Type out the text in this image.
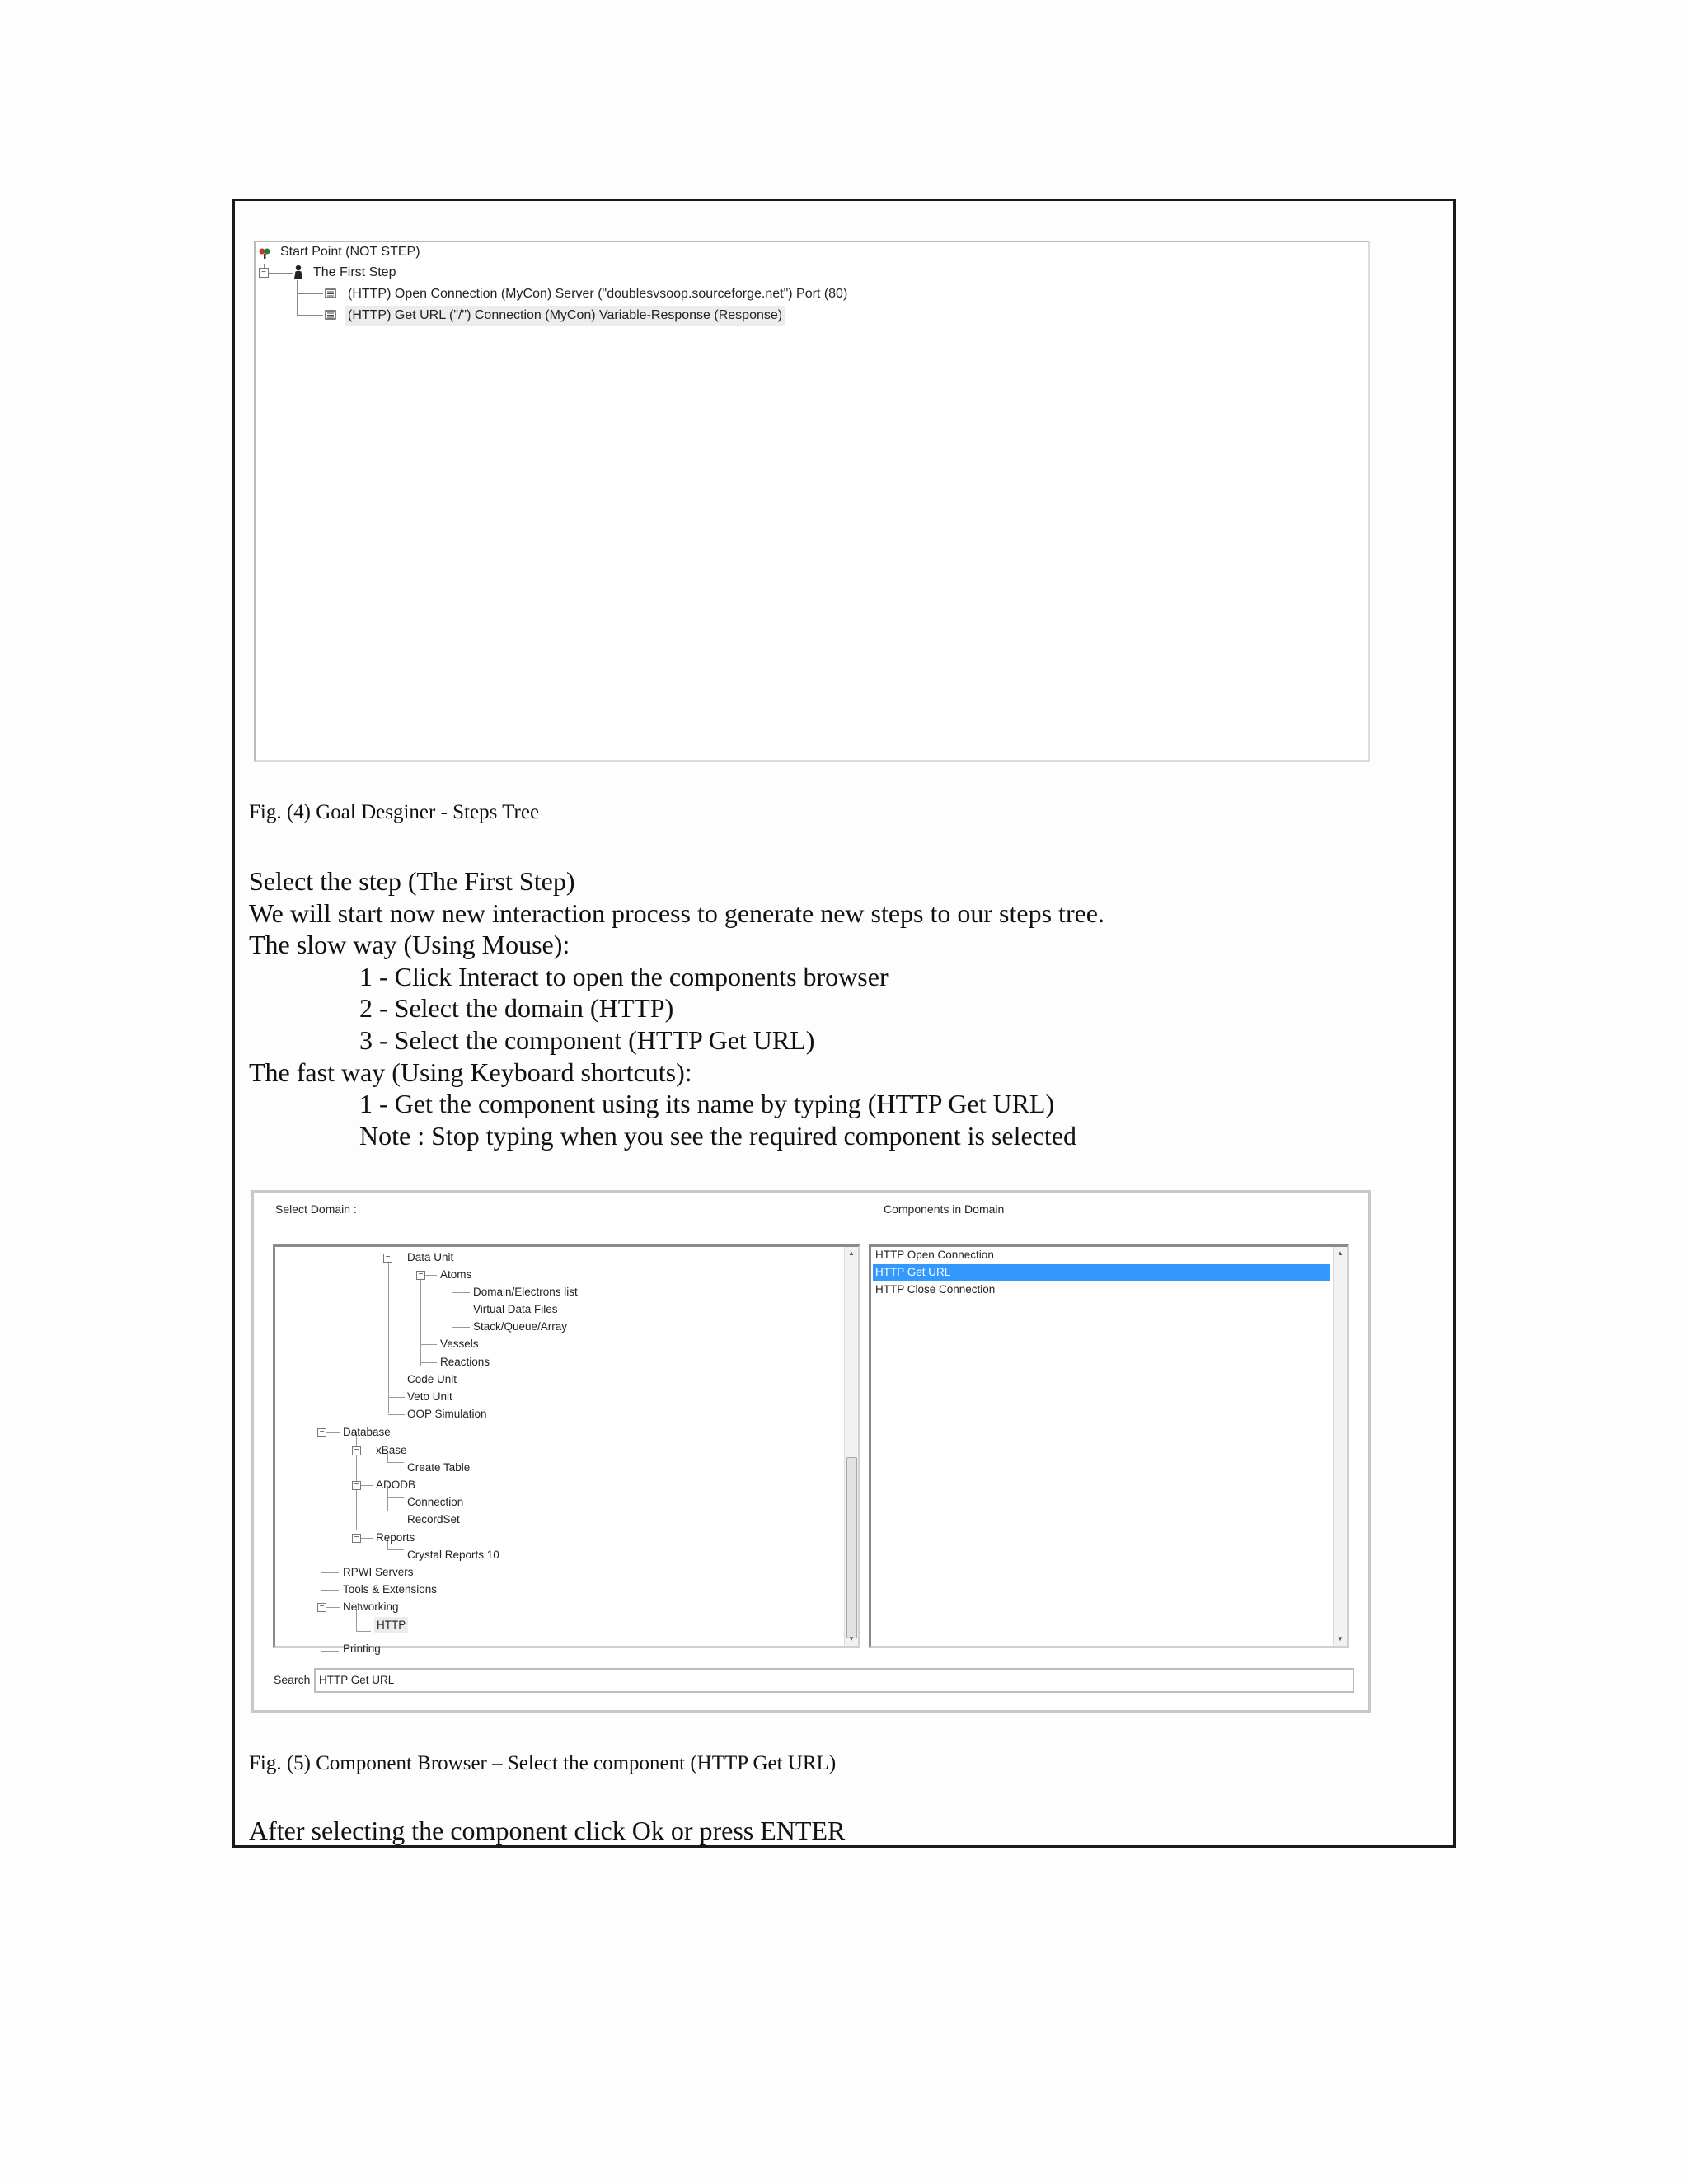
Start Point (NOT STEP)
−	The First Step
(HTTP) Open Connection (MyCon) Server ("doublesvsoop.sourceforge.net") Port (80)
(HTTP) Get URL ("/") Connection (MyCon) Variable-Response (Response)
Fig. (4) Goal Desginer - Steps Tree
Select the step (The First Step)
We will start now new interaction process to generate new steps to our steps tree.
The slow way (Using Mouse):
1 - Click Interact to open the components browser
2 - Select the domain (HTTP)
3 - Select the component (HTTP Get URL)
The fast way (Using Keyboard shortcuts):
1 - Get the component using its name by typing (HTTP Get URL)
Note : Stop typing when you see the required component is selected
Select Domain :	Components in Domain
− Data Unit
− Atoms
Domain/Electrons list
Virtual Data Files
Stack/Queue/Array
Vessels
Reactions
Code Unit
Veto Unit
OOP Simulation
− Database
− xBase
Create Table
− ADODB
Connection
RecordSet
− Reports
Crystal Reports 10
RPWI Servers
Tools & Extensions
− Networking
HTTP
Printing
▲
▼
HTTP Open Connection
HTTP Get URL
HTTP Close Connection
▲
▼
Search HTTP Get URL
Fig. (5) Component Browser – Select the component (HTTP Get URL)
After selecting the component click Ok or press ENTER
